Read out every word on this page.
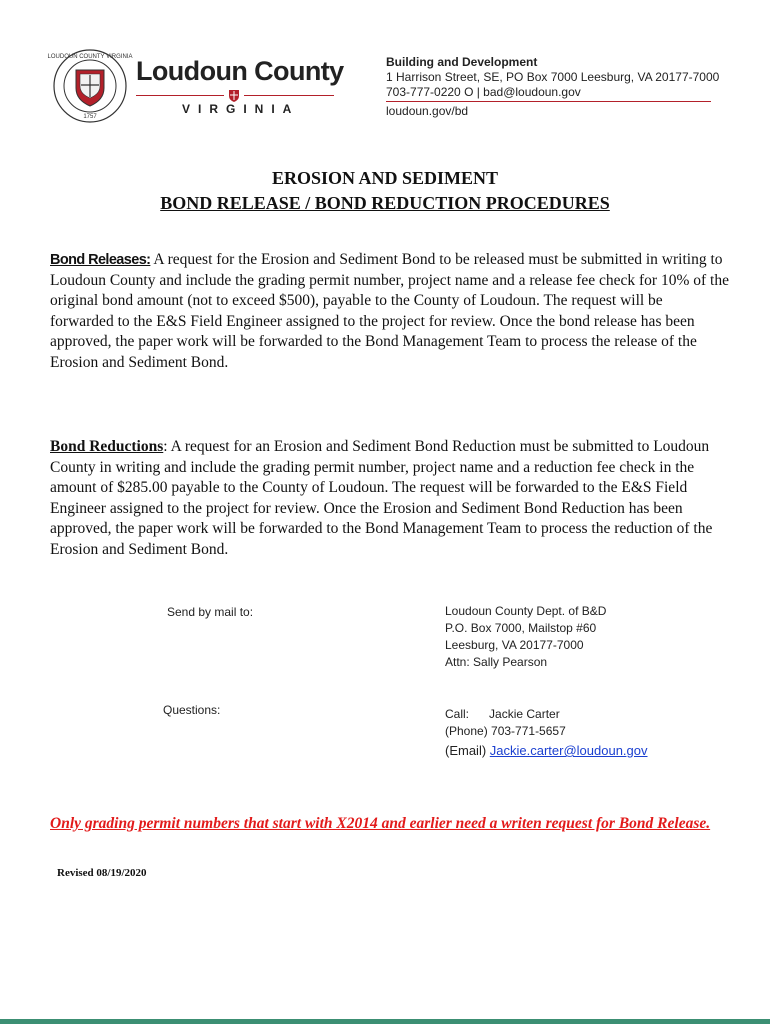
LOUDOUN COUNTY VIRGINIA
1757
Loudoun County
VIRGINIA
Building and Development
1 Harrison Street, SE, PO Box 7000 Leesburg, VA 20177-7000
703-777-0220 O | bad@loudoun.gov
loudoun.gov/bd
EROSION AND SEDIMENT
BOND RELEASE / BOND REDUCTION PROCEDURES
Bond Releases: A request for the Erosion and Sediment Bond to be released must be submitted in writing to Loudoun County and include the grading permit number, project name and a release fee check for 10% of the original bond amount (not to exceed $500), payable to the County of Loudoun. The request will be forwarded to the E&S Field Engineer assigned to the project for review. Once the bond release has been approved, the paper work will be forwarded to the Bond Management Team to process the release of the Erosion and Sediment Bond.
Bond Reductions: A request for an Erosion and Sediment Bond Reduction must be submitted to Loudoun County in writing and include the grading permit number, project name and a reduction fee check in the amount of $285.00 payable to the County of Loudoun. The request will be forwarded to the E&S Field Engineer assigned to the project for review. Once the Erosion and Sediment Bond Reduction has been approved, the paper work will be forwarded to the Bond Management Team to process the reduction of the Erosion and Sediment Bond.
Send by mail to:	Loudoun County Dept. of B&D
P.O. Box 7000, Mailstop #60
Leesburg, VA 20177-7000
Attn: Sally Pearson
Questions:	Call: Jackie Carter
(Phone) 703-771-5657
(Email) Jackie.carter@loudoun.gov
Only grading permit numbers that start with X2014 and earlier need a writen request for Bond Release.
Revised 08/19/2020
